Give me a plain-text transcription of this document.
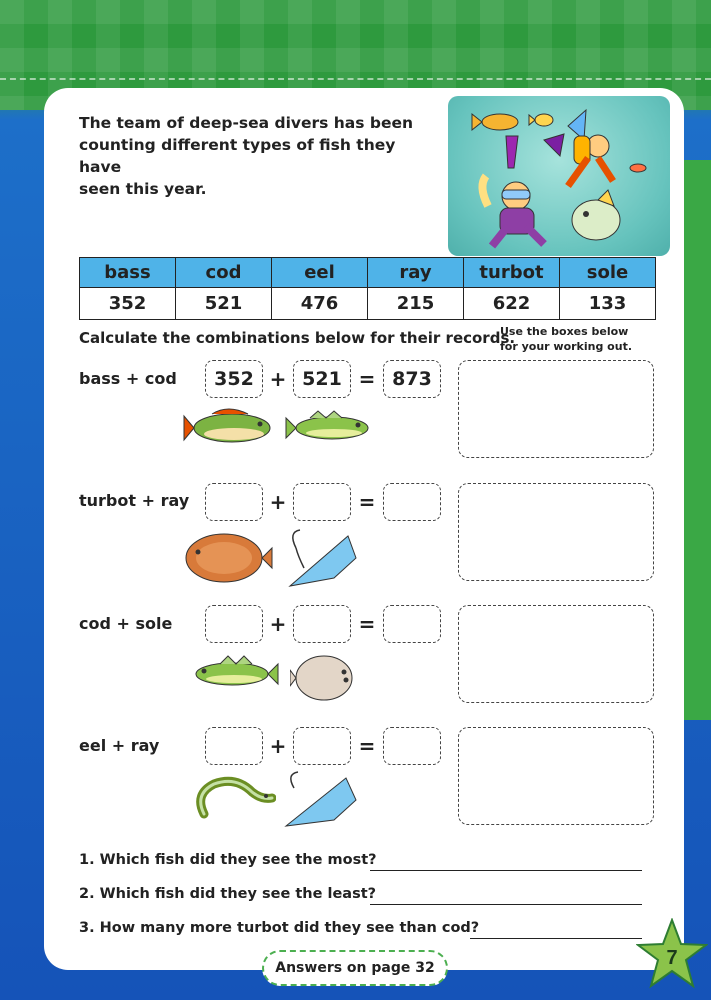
The team of deep-sea divers has been
counting different types of fish they have
seen this year.
bass	cod	eel	ray	turbot	sole
352	521	476	215	622	133
Calculate the combinations below for their records.
Use the boxes below
for your working out.
bass + cod	352 + 521 = 873
turbot + ray	+	=
cod + sole	+	=
eel + ray	+	=
1. Which fish did they see the most?
2. Which fish did they see the least?
3. How many more turbot did they see than cod?
Answers on page 32	7
